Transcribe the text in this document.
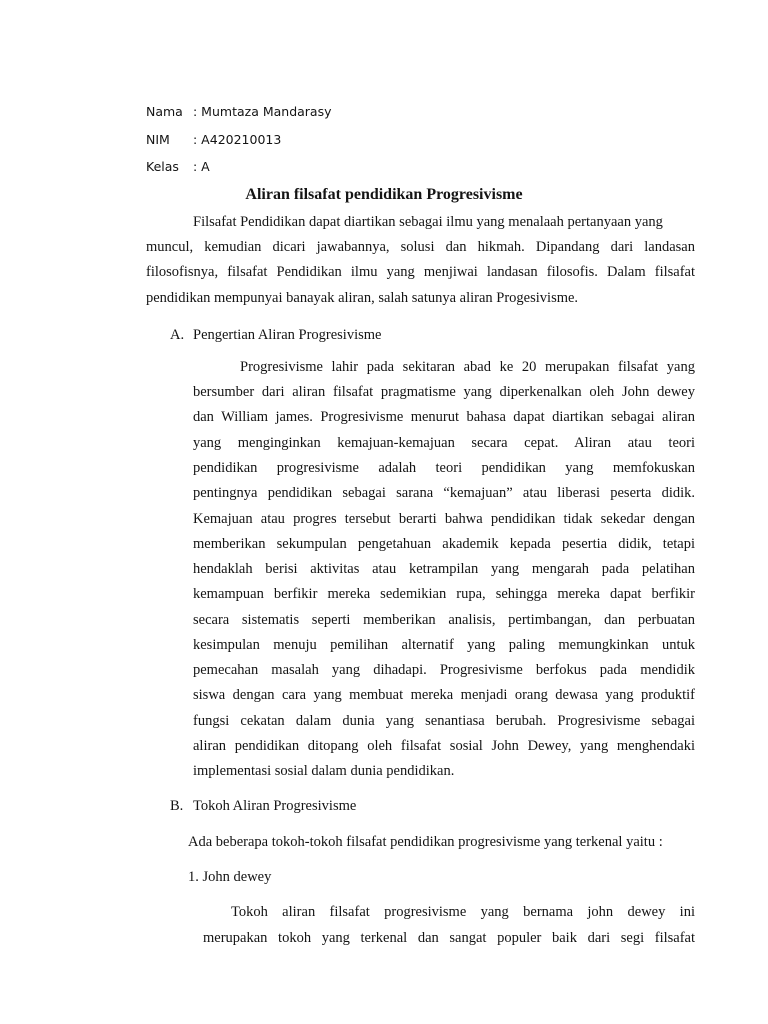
Nama : Mumtaza Mandarasy
NIM : A420210013
Kelas : A
Aliran filsafat pendidikan Progresivisme

Filsafat Pendidikan dapat diartikan sebagai ilmu yang menalaah pertanyaan yang

muncul, kemudian dicari jawabannya, solusi dan hikmah. Dipandang dari landasan

filosofisnya, filsafat Pendidikan ilmu yang menjiwai landasan filosofis. Dalam filsafat

pendidikan mempunyai banayak aliran, salah satunya aliran Progesivisme.

A. Pengertian Aliran Progresivisme

Progresivisme lahir pada sekitaran abad ke 20 merupakan filsafat yang

bersumber dari aliran filsafat pragmatisme yang diperkenalkan oleh John dewey

dan William james. Progresivisme menurut bahasa dapat diartikan sebagai aliran

yang menginginkan kemajuan-kemajuan secara cepat. Aliran atau teori

pendidikan progresivisme adalah teori pendidikan yang memfokuskan

pentingnya pendidikan sebagai sarana “kemajuan” atau liberasi peserta didik.

Kemajuan atau progres tersebut berarti bahwa pendidikan tidak sekedar dengan

memberikan sekumpulan pengetahuan akademik kepada pesertia didik, tetapi

hendaklah berisi aktivitas atau ketrampilan yang mengarah pada pelatihan

kemampuan berfikir mereka sedemikian rupa, sehingga mereka dapat berfikir

secara sistematis seperti memberikan analisis, pertimbangan, dan perbuatan

kesimpulan menuju pemilihan alternatif yang paling memungkinkan untuk

pemecahan masalah yang dihadapi. Progresivisme berfokus pada mendidik

siswa dengan cara yang membuat mereka menjadi orang dewasa yang produktif

fungsi cekatan dalam dunia yang senantiasa berubah. Progresivisme sebagai

aliran pendidikan ditopang oleh filsafat sosial John Dewey, yang menghendaki

implementasi sosial dalam dunia pendidikan.

B. Tokoh Aliran Progresivisme

Ada beberapa tokoh-tokoh filsafat pendidikan progresivisme yang terkenal yaitu :

1. John dewey

Tokoh aliran filsafat progresivisme yang bernama john dewey ini

merupakan tokoh yang terkenal dan sangat populer baik dari segi filsafat
